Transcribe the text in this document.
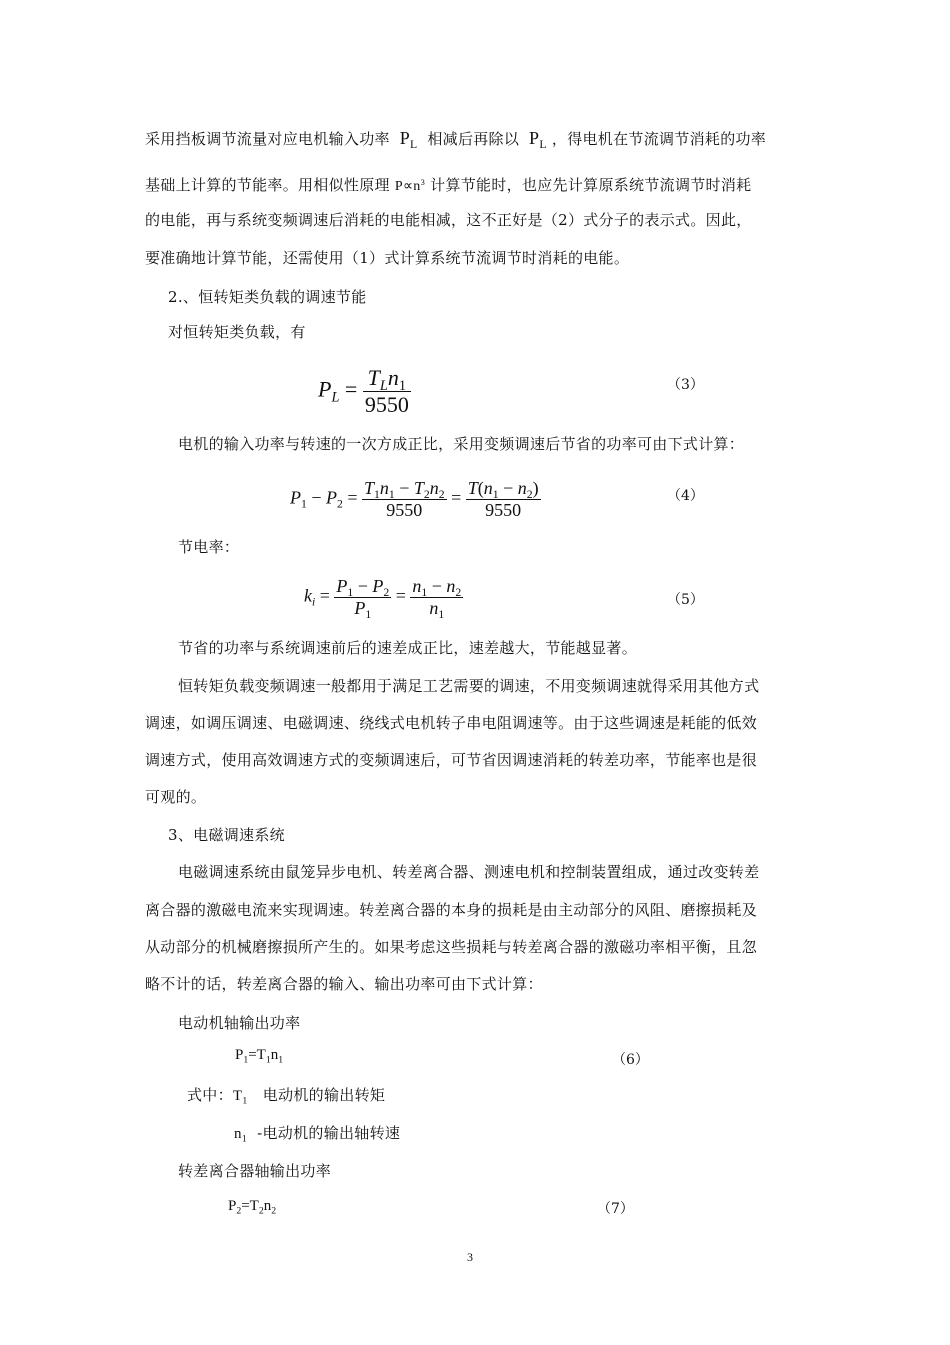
采用挡板调节流量对应电机输入功率  $P_L$ 相减后再除以  $P_L$ ，得电机在节流调节消耗的功率
基础上计算的节能率。用相似性原理 $P\propto n^3$ 计算节能时，也应先计算原系统节流调节时消耗
的电能，再与系统变频调速后消耗的电能相减，这不正好是（2）式分子的表示式。因此，
要准确地计算节能，还需使用（1）式计算系统节流调节时消耗的电能。
2.、恒转矩类负载的调速节能
对恒转矩类负载，有
$P_L = \frac{T_Ln_1}{9550}$	（3）
电机的输入功率与转速的一次方成正比，采用变频调速后节省的功率可由下式计算：
$P_1 - P_2 = \frac{T_1n_1 - T_2n_2}{9550} = \frac{T(n_1 - n_2)}{9550}$	（4）
节电率：
$k_i = \frac{P_1 - P_2}{P_1} = \frac{n_1 - n_2}{n_1}$	（5）
节省的功率与系统调速前后的速差成正比，速差越大，节能越显著。
恒转矩负载变频调速一般都用于满足工艺需要的调速，不用变频调速就得采用其他方式
调速，如调压调速、电磁调速、绕线式电机转子串电阻调速等。由于这些调速是耗能的低效
调速方式，使用高效调速方式的变频调速后，可节省因调速消耗的转差功率，节能率也是很
可观的。
3、电磁调速系统
电磁调速系统由鼠笼异步电机、转差离合器、测速电机和控制装置组成，通过改变转差
离合器的激磁电流来实现调速。转差离合器的本身的损耗是由主动部分的风阻、磨擦损耗及
从动部分的机械磨擦损所产生的。如果考虑这些损耗与转差离合器的激磁功率相平衡，且忽
略不计的话，转差离合器的输入、输出功率可由下式计算：
电动机轴输出功率
$P_1=T_1n_1$	（6）
式中：$T_1$ 电动机的输出转矩
$n_1$ -电动机的输出轴转速
转差离合器轴输出功率
$P_2=T_2n_2$	（7）
3
